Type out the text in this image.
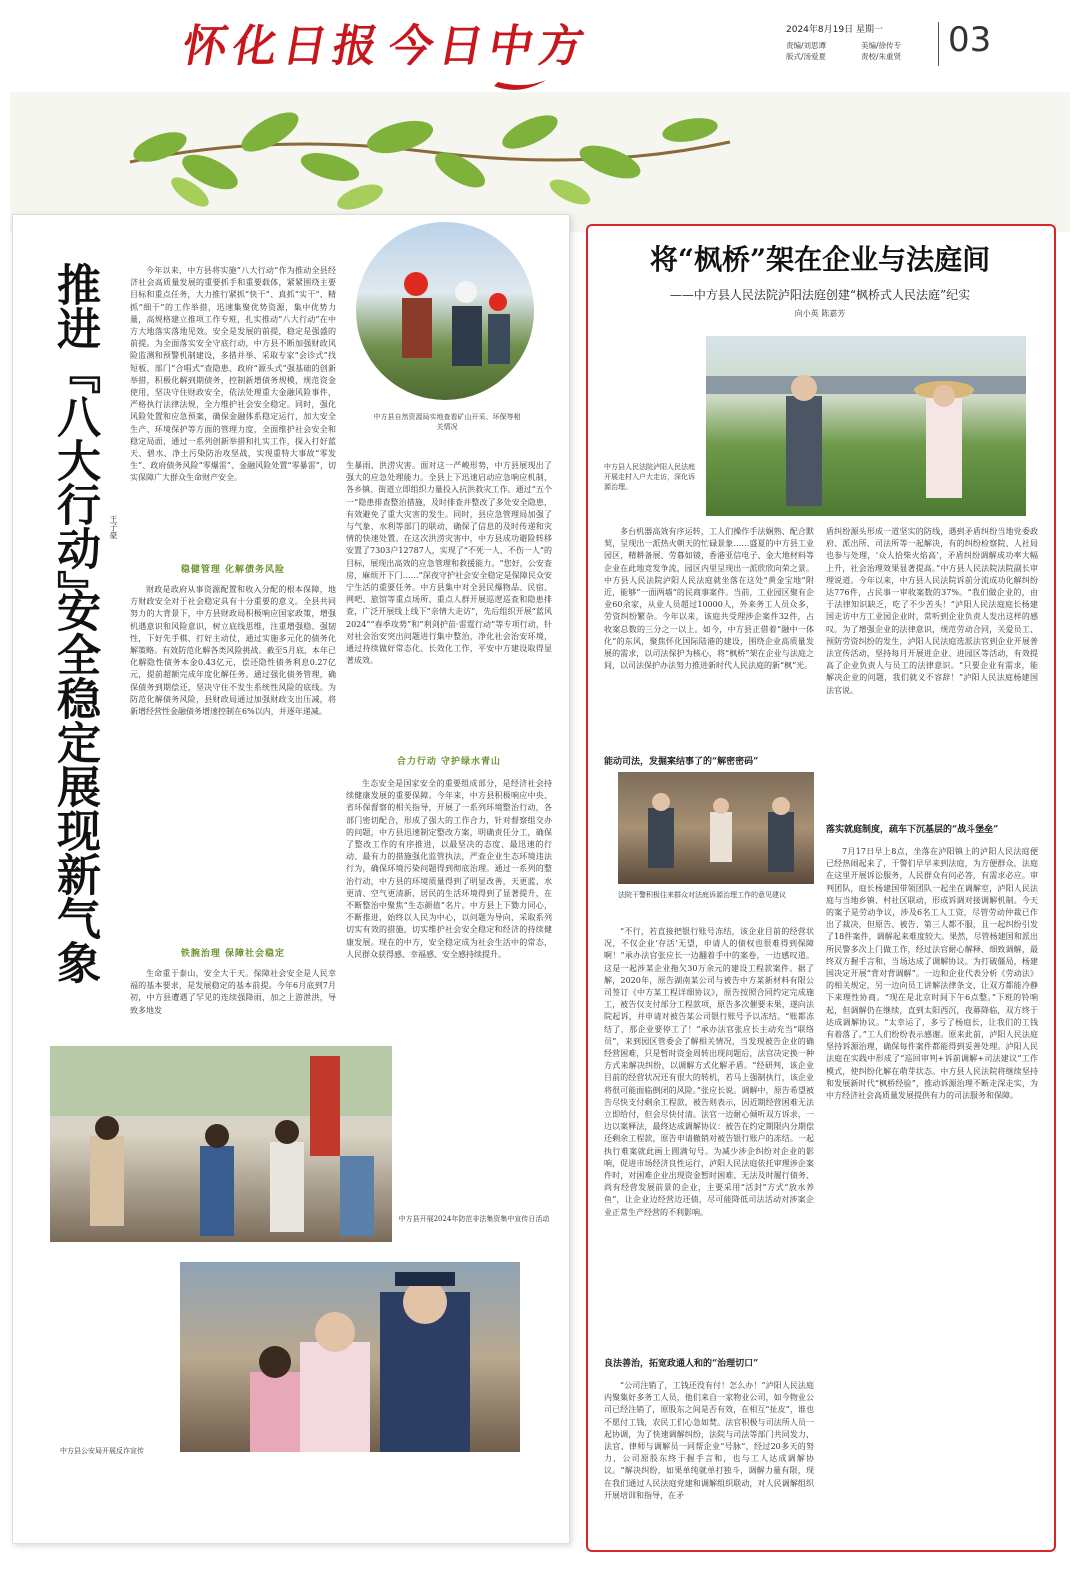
怀化日报
今日中方	2024年8月19日 星期一
责编/刘思谭	美编/徐传专
版式/汤爱夏	责校/朱重贤	03
推进『八大行动』
安全稳定展现新气象
王子豪

今年以来，中方县将实施“八大行动”作为推动全县经济社会高质量发展的重要抓手和重要载体，紧紧围绕主要目标和重点任务，大力推行紧抓“快干”、真抓“实干”、精抓“细干”的工作举措，迅速集聚优势资源，集中优势力量，高规格建立推项工作专班，扎实推动“八大行动”在中方大地落实落地见效。安全是发展的前提，稳定是强盛的前提。为全面落实安全守底行动，中方县不断加强财政风险监测和预警机制建设，多措并举、采取专家“会诊式”找短板、部门“合唱式”查隐患、政府“源头式”强基础的创新举措，积极化解到期债务，控制新增债务规模，规范资金使用，坚决守住财政安全，依法处理重大金融风险事件，严格执行法律法规，全力维护社会安全稳定。同时，强化风险处置和应急预案，确保金融体系稳定运行，加大安全生产、环境保护等方面的管理力度，全面维护社会安全和稳定局面，通过一系列创新举措和扎实工作，探入打好蓝天、碧水、净土污染防治攻坚战，实现重特大事故“零发生”、政府债务风险“零爆雷”、金融风险处置“零暴雷”，切实保障广大群众生命财产安全。

稳健管理 化解债务风险

财政是政府从事资源配置和收入分配的根本保障，地方财政安全对于社会稳定具有十分重要的意义。全县共同努力的大背景下，中方县财政局积极响应国家政策，增强机遇意识和风险意识，树立底线思维，注重增强稳、强韧性，下好先手棋、打好主动仗，通过实施多元化的债务化解策略。有效防范化解各类风险挑战。截至5月底，本年已化解隐性债务本金0.43亿元，偿还隐性债务利息0.27亿元，提前超额完成年度化解任务。通过强化债务管理，确保债务到期偿还，坚决守住不发生系统性风险的底线。为防范化解债务风险，县财政局通过加强财政支出压减，将新增经营性金融债务增速控制在6%以内，并逐年递减。

铁腕治理 保障社会稳定

生命重于泰山，安全大于天。保障社会安全是人民幸福的基本要求，是发展稳定的基本前提。今年6月底到7月初，中方县遭遇了罕见的连续强降雨，加之上游泄洪，导致多地发

中方县自然资源局实地查看矿山开采、环保等相关情况

生暴雨、洪涝灾害。面对这一严峻形势，中方县展现出了强大的应急处理能力。全县上下迅速启动应急响应机制，各乡镇、街道立即组织力量投入抗洪救灾工作。通过“五个一”隐患排查整治措施，及时排查并整改了多处安全隐患，有效避免了重大灾害的发生。同时，县应急管理局加强了与气象、水利等部门的联动，确保了信息的及时传递和灾情的快速处置。在这次洪涝灾害中，中方县成功避险转移安置了7303户12787人，实现了“不死一人、不伤一人”的目标，展现出高效的应急管理和救援能力。“您好，公安查房，麻烦开下门……”深夜守护社会安全稳定是保障民众安宁生活的重要任务。中方县集中对全县民爆物品、民宿、网吧、旅馆等重点场所、重点人群开展巡逻巡查和隐患排查，广泛开展线上线下“亲情大走访”，先后组织开展“蓝风2024”“春季攻势”和“利剑护苗·雷霆行动”等专项行动，针对社会治安突出问题进行集中整治，净化社会治安环境，通过持续做好常态化、长效化工作，平安中方建设取得显著成效。

合力行动 守护绿水青山

生态安全是国家安全的重要组成部分，是经济社会持续健康发展的重要保障。今年来，中方县积极响应中央、省环保督察的相关指导，开展了一系列环境整治行动，各部门密切配合，形成了强大的工作合力，针对督察组交办的问题，中方县迅速制定整改方案，明确责任分工，确保了整改工作的有序推进，以最坚决的态度、最迅速的行动、最有力的措施强化监管执法，严查企业生态环境违法行为，确保环境污染问题得到彻底治理。通过一系列的整治行动，中方县的环境质量得到了明显改善，天更蓝、水更清、空气更清新，居民的生活环境得到了显著提升，在不断整治中聚焦“生态颜值”名片。中方县上下勠力同心，不断推进，始终以人民为中心，以问题为导向，采取系列切实有效的措施，切实维护社会安全稳定和经济的持续健康发展。现在的中方，安全稳定成为社会生活中的常态，人民群众获得感、幸福感、安全感持续提升。

中方县开展2024年防范非法集资集中宣传日活动
中方县公安局开展反诈宣传
将“枫桥”架在企业与法庭间
——中方县人民法院泸阳法庭创建“枫桥式人民法庭”纪实
向小英 陈嘉芳
中方县人民法院泸阳人民法庭开展走村入户大走访，深化诉源治理。

多台机器高效有序运转，工人们操作手法娴熟、配合默契，呈现出一派热火朝天的忙碌景象……盛夏的中方县工业园区，精耕备展、劳暮如镜，香港亚信电子、金大地材料等企业在此地竞发争流，园区内里呈现出一派欣欣向荣之景。中方县人民法院泸阳人民法庭就坐落在这处“黄金宝地”附近，能够“一面两墙”的民商事案件。当前，工业园区聚有企业60余家，从业人员超过10000人，外来务工人员众多，劳资纠纷繁杂。今年以来，该庭共受理涉企案件32件，占收案总数的三分之一以上。如今，中方县正借着“融中一体化”的东风，聚焦怀化国际陆港的建设，围绕企业高质量发展的需求，以司法保护为核心，将“枫桥”架在企业与法庭之间，以司法保护办法努力推进新时代人民法庭的新“枫”光。

能动司法，发掘案结事了的“解密密码”
法院干警积极往来群众对法庭诉源治理工作的意见建议

“不行，若直接把银行账号冻结，该企业目前的经营状况，不仅企业‘存活’无望，申请人的债权也很难得到保障啊！”承办法官张应长一边翻着手中的案卷，一边感叹道。这是一起涉某企业拖欠30万余元的建设工程款案件。据了解，2020年，原告湖南某公司与被告中方某新材料有限公司签订《中方某工程详细协议》，原告按照合同约定完成施工，被告仅支付部分工程款项，原告多次催要未果，遂向法院起诉，并申请对被告某公司银行账号予以冻结。“账都冻结了，那企业要停工了！”承办法官张应长主动充当“联络员”，来到园区管委会了解相关情况，当发现被告企业的确经营困难，只是暂时资金周转出现问题后，法官决定换一种方式来解决纠纷，以调解方式化解矛盾。“经研判，该企业目前的经营状况还有很大的转机，若马上强制执行，该企业将很可能面临倒闭的风险。”张应长说。调解中，原告希望被告尽快支付剩余工程款，被告则表示，因近期经营困难无法立即给付，但会尽快付清。法官一边耐心倾听双方诉求，一边以案释法，最终达成调解协议：被告在约定期限内分期偿还剩余工程款，原告申请撤销对被告银行账户的冻结。一起执行难案就此画上圆满句号。为减少涉企纠纷对企业的影响，促进市场经济良性运行，泸阳人民法庭依托审理涉企案件时，对困难企业出现资金暂时困难、无法及时履行债务、尚有经营发展前景的企业，主要采用“活封”方式“放水养鱼”，让企业边经营边还债，尽可能降低司法活动对涉案企业正常生产经营的不利影响。

良法善治，拓宽政通人和的“治理切口”

“公司注销了，工钱还没有付！怎么办！”泸阳人民法庭内聚集好多务工人员，他们来自一家物业公司，如今物业公司已经注销了，原股东之间是否有效，在相互“扯皮”，谁也不愿付工钱，农民工们心急如焚。法官积极与司法所人员一起协调，为了快速调解纠纷，法院与司法等部门共同发力，法官、律师与调解员一同帮企业“号脉”，经过20多天的努力，公司原股东终于握手言和，也与工人达成调解协议。“解决纠纷，如果单纯就单打独斗，调解力量有限，现在我们通过人民法庭党建和调解组织联动，对人民调解组织开展培训和指导，在矛

盾纠纷源头形成一道坚实的防线，遇到矛盾纠纷当地党委政府、派出所、司法所等一起解决，有的纠纷检察院、人社局也参与处理，‘众人拾柴火焰高’，矛盾纠纷调解成功率大幅上升，社会治理效果显著提高。”中方县人民法院法院副长审理说道。今年以来，中方县人民法院诉前分流成功化解纠纷达776件，占民事一审收案数的37%。“我们做企业的，由于法律知识缺乏，吃了不少苦头！”泸阳人民法庭庭长杨建国走访中方工业园企业时，常听到企业负责人发出这样的感叹。为了增强企业的法律意识，规范劳动合同，关爱员工、预防劳资纠纷的发生，泸阳人民法庭选派法官到企业开展普法宣传活动，坚持每月开展进企业、进园区等活动，有效提高了企业负责人与员工的法律意识。“只要企业有需求，能解决企业的问题，我们就义不容辞！”泸阳人民法庭杨建国法官说。

落实就庭制度，疏车下沉基层的“战斗堡垒”

7月17日早上8点，坐落在泸阳镇上的泸阳人民法庭便已经热闹起来了，干警们早早来到法庭，为方便群众，法庭在这里开展诉讼服务，人民群众有问必答，有需求必应。审判团队，庭长杨建国带领团队一起坐在调解室，泸阳人民法庭与当地乡镇、村社区联动，形成诉调对接调解机制。今天的案子是劳动争议，涉及6名工人工资，尽管劳动仲裁已作出了裁决，但原告、被告、第三人都不服，且一起纠纷引发了18件案件，调解起来难度较大。果然，尽管杨建国和派出所民警多次上门做工作，经过法官耐心解释、细致调解，最终双方握手言和，当场达成了调解协议。为打破僵局，杨建国决定开展“背对背调解”。一边和企业代表分析《劳动法》的相关规定，另一边向员工讲解法律条文，让双方都能冷静下来理性协商。“现在是北京时间下午6点整。”下班的铃响起，但调解仍在继续，直到太阳西沉，夜幕降临，双方终于达成调解协议。“太幸运了，多亏了杨庭长，让我们的工钱有着落了。”工人们纷纷表示感谢。原来此前，泸阳人民法庭坚持诉源治理，确保每件案件都能得到妥善处理。泸阳人民法庭在实践中形成了“巡回审判+诉前调解+司法建议”工作模式，使纠纷化解在萌芽状态。中方县人民法院将继续坚持和发展新时代“枫桥经验”，推动诉源治理不断走深走实，为中方经济社会高质量发展提供有力的司法服务和保障。
